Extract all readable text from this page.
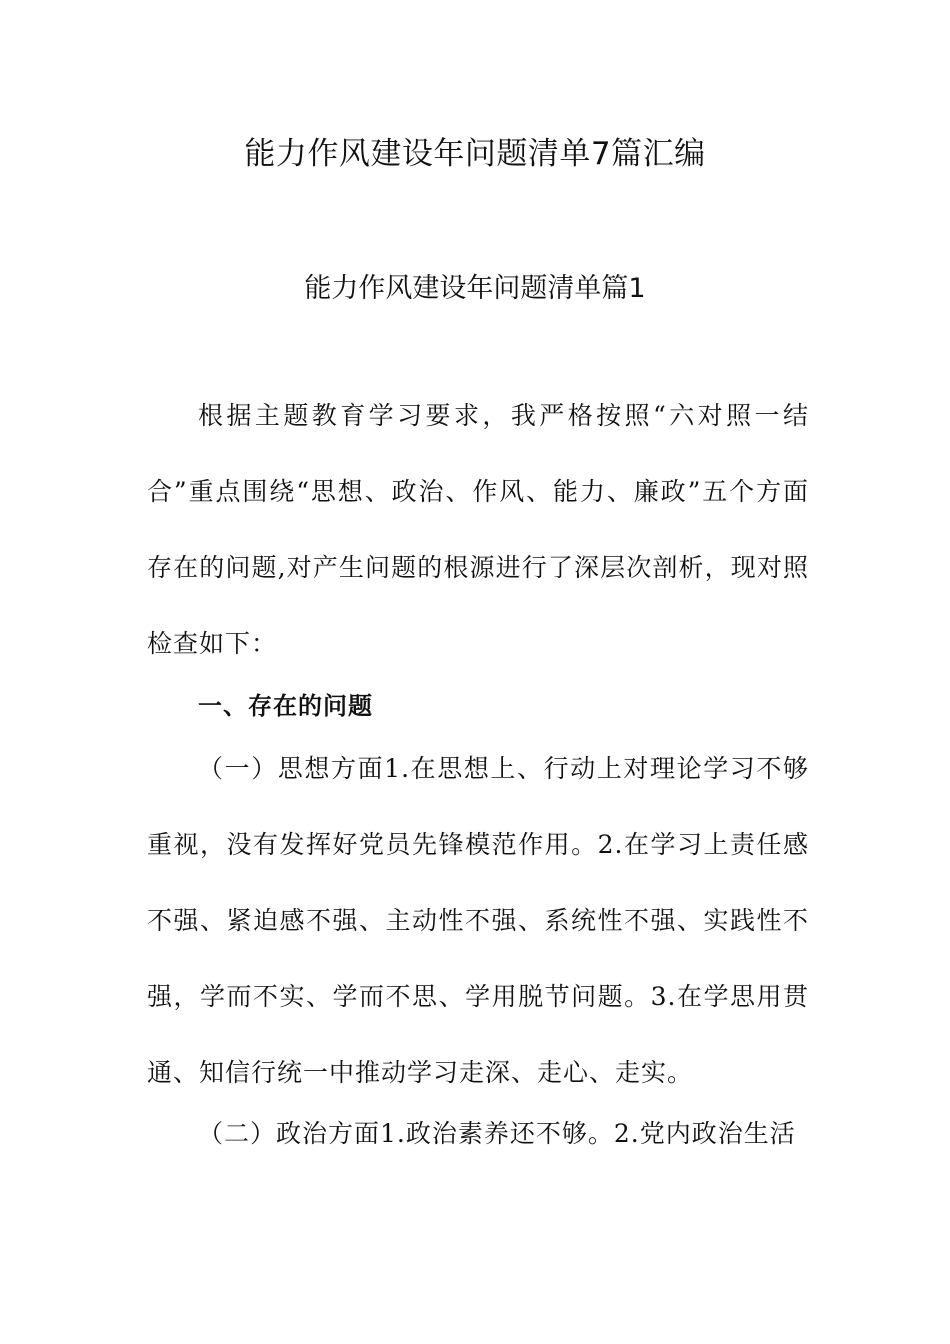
能力作风建设年问题清单7篇汇编
能力作风建设年问题清单篇1

根据主题教育学习要求，我严格按照“六对照一结合”重点围绕“思想、政治、作风、能力、廉政”五个方面存在的问题,对产生问题的根源进行了深层次剖析，现对照检查如下：

一、存在的问题

（一）思想方面1.在思想上、行动上对理论学习不够重视，没有发挥好党员先锋模范作用。2.在学习上责任感不强、紧迫感不强、主动性不强、系统性不强、实践性不强，学而不实、学而不思、学用脱节问题。3.在学思用贯通、知信行统一中推动学习走深、走心、走实。

（二）政治方面1.政治素养还不够。2.党内政治生活
